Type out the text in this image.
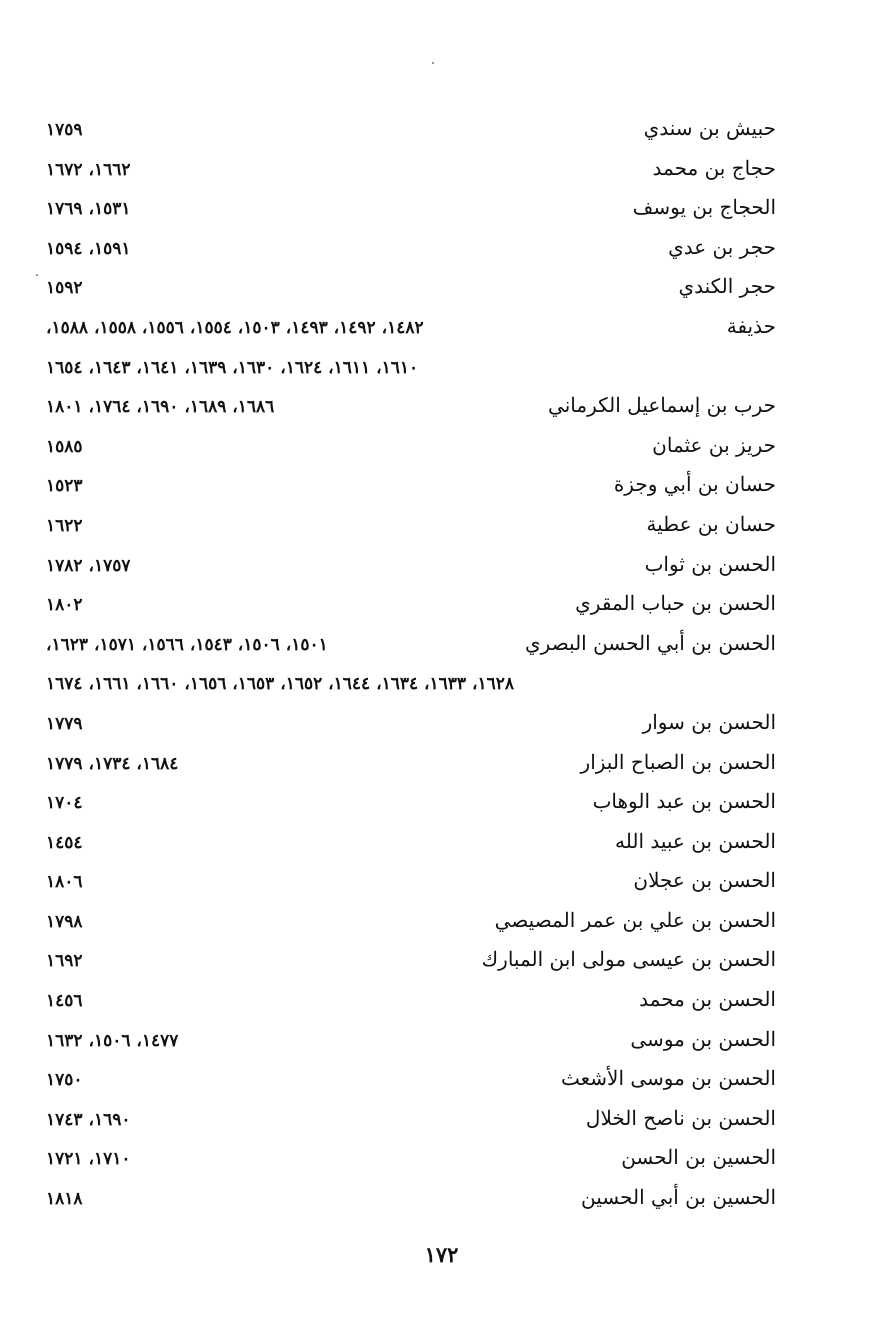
حبيش بن سندي
١٧٥٩
حجاج بن محمد
١٦٦٢، ١٦٧٢
الحجاج بن يوسف
١٥٣١، ١٧٦٩
حجر بن عدي
١٥٩١، ١٥٩٤
حجر الكندي
١٥٩٢
حذيفة
١٤٨٢، ١٤٩٢، ١٤٩٣، ١٥٠٣، ١٥٥٤، ١٥٥٦، ١٥٥٨، ١٥٨٨،
١٦١٠، ١٦١١، ١٦٢٤، ١٦٣٠، ١٦٣٩، ١٦٤١، ١٦٤٣، ١٦٥٤
حرب بن إسماعيل الكرماني
١٦٨٦، ١٦٨٩، ١٦٩٠، ١٧٦٤، ١٨٠١
حريز بن عثمان
١٥٨٥
حسان بن أبي وجزة
١٥٢٣
حسان بن عطية
١٦٢٢
الحسن بن ثواب
١٧٥٧، ١٧٨٢
الحسن بن حباب المقري
١٨٠٢
الحسن بن أبي الحسن البصري
١٥٠١، ١٥٠٦، ١٥٤٣، ١٥٦٦، ١٥٧١، ١٦٢٣،
١٦٢٨، ١٦٣٣، ١٦٣٤، ١٦٤٤، ١٦٥٢، ١٦٥٣، ١٦٥٦، ١٦٦٠، ١٦٦١، ١٦٧٤
الحسن بن سوار
١٧٧٩
الحسن بن الصباح البزار
١٦٨٤، ١٧٣٤، ١٧٧٩
الحسن بن عبد الوهاب
١٧٠٤
الحسن بن عبيد الله
١٤٥٤
الحسن بن عجلان
١٨٠٦
الحسن بن علي بن عمر المصيصي
١٧٩٨
الحسن بن عيسى مولى ابن المبارك
١٦٩٢
الحسن بن محمد
١٤٥٦
الحسن بن موسى
١٤٧٧، ١٥٠٦، ١٦٣٢
الحسن بن موسى الأشعث
١٧٥٠
الحسن بن ناصح الخلال
١٦٩٠، ١٧٤٣
الحسين بن الحسن
١٧١٠، ١٧٢١
الحسين بن أبي الحسين
١٨١٨
١٧٢
